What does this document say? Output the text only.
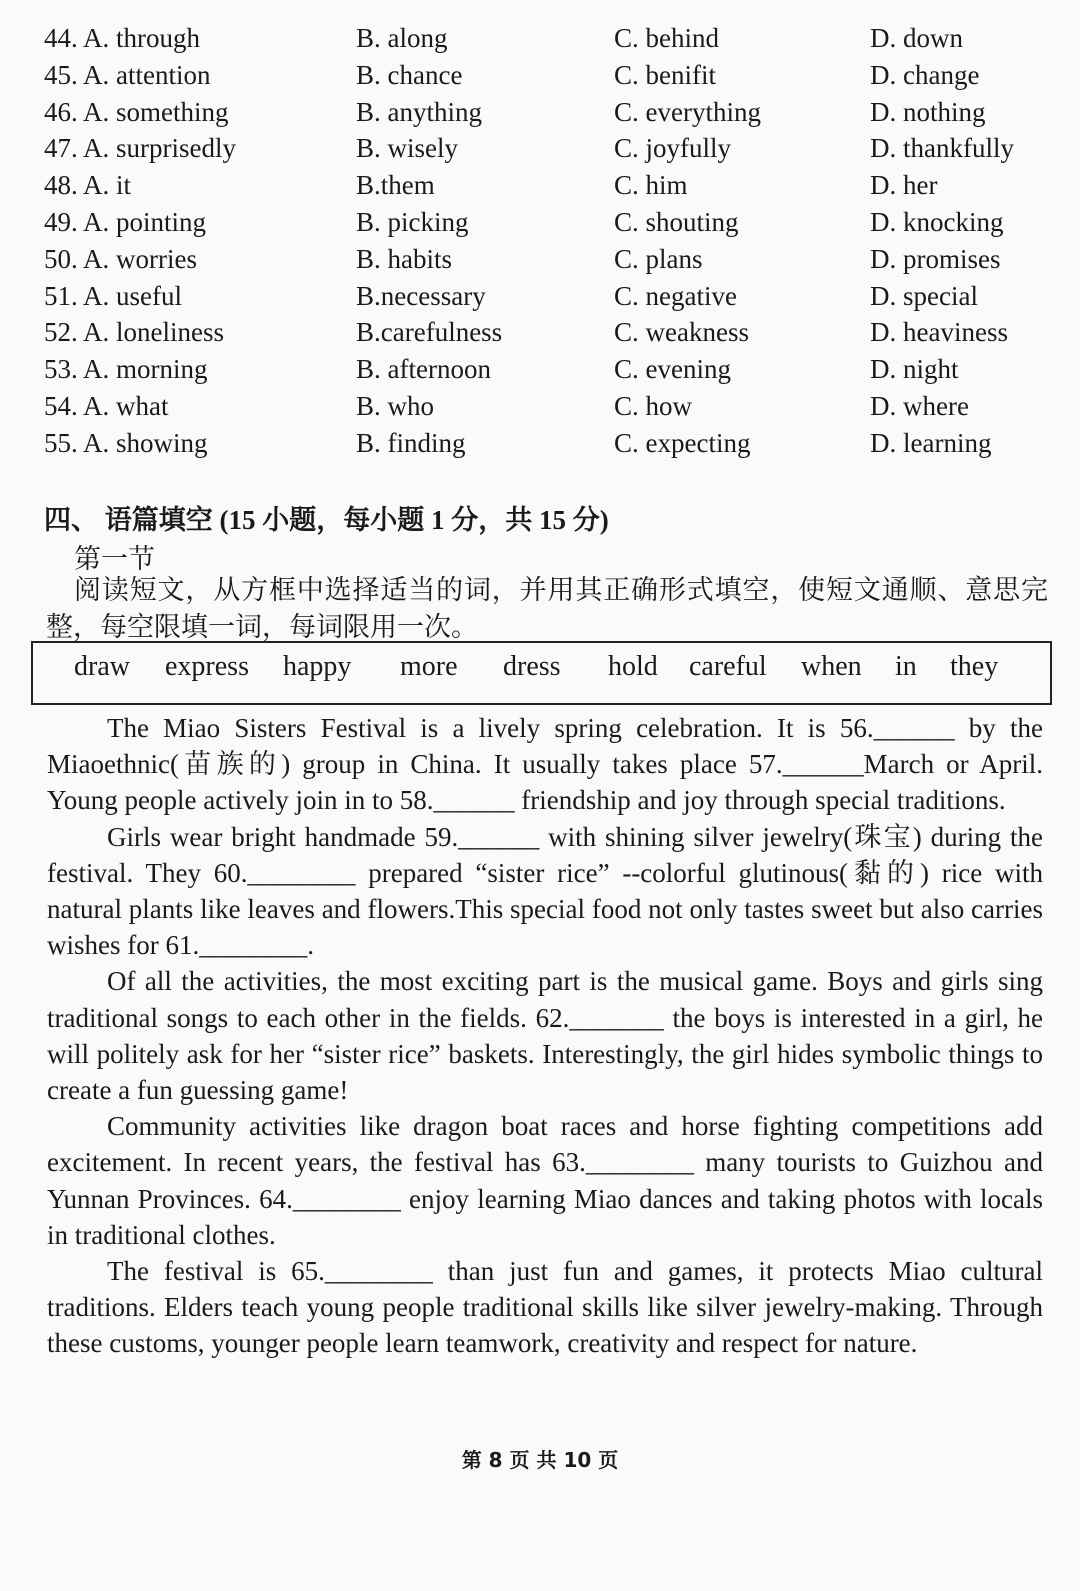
44. A. through	B. along	C. behind	D. down
45. A. attention	B. chance	C. benifit	D. change
46. A. something	B. anything	C. everything	D. nothing
47. A. surprisedly	B. wisely	C. joyfully	D. thankfully
48. A. it	B.them	C. him	D. her
49. A. pointing	B. picking	C. shouting	D. knocking
50. A. worries	B. habits	C. plans	D. promises
51. A. useful	B.necessary	C. negative	D. special
52. A. loneliness	B.carefulness	C. weakness	D. heaviness
53. A. morning	B. afternoon	C. evening	D. night
54. A. what	B. who	C. how	D. where
55. A. showing	B. finding	C. expecting	D. learning
四、 语篇填空 (15 小题，每小题 1 分，共 15 分)
第一节
阅读短文，从方框中选择适当的词，并用其正确形式填空，使短文通顺、意思完整，每空限填一词，每词限用一次。
draw express happy more dress hold careful when in they

The Miao Sisters Festival is a lively spring celebration. It is 56.______ by the Miaoethnic(苗族的) group in China. It usually takes place 57.______March or April. Young people actively join in to 58.______ friendship and joy through special traditions.

Girls wear bright handmade 59.______ with shining silver jewelry(珠宝) during the festival. They 60.________ prepared “sister rice” --colorful glutinous(黏的) rice with natural plants like leaves and flowers.This special food not only tastes sweet but also carries wishes for 61.________.

Of all the activities, the most exciting part is the musical game. Boys and girls sing traditional songs to each other in the fields. 62._______ the boys is interested in a girl, he will politely ask for her “sister rice” baskets. Interestingly, the girl hides symbolic things to create a fun guessing game!

Community activities like dragon boat races and horse fighting competitions add excitement. In recent years, the festival has 63.________ many tourists to Guizhou and Yunnan Provinces. 64.________ enjoy learning Miao dances and taking photos with locals in traditional clothes.

The festival is 65.________ than just fun and games, it protects Miao cultural traditions. Elders teach young people traditional skills like silver jewelry-making. Through these customs, younger people learn teamwork, creativity and respect for nature.

第 8 页 共 10 页
